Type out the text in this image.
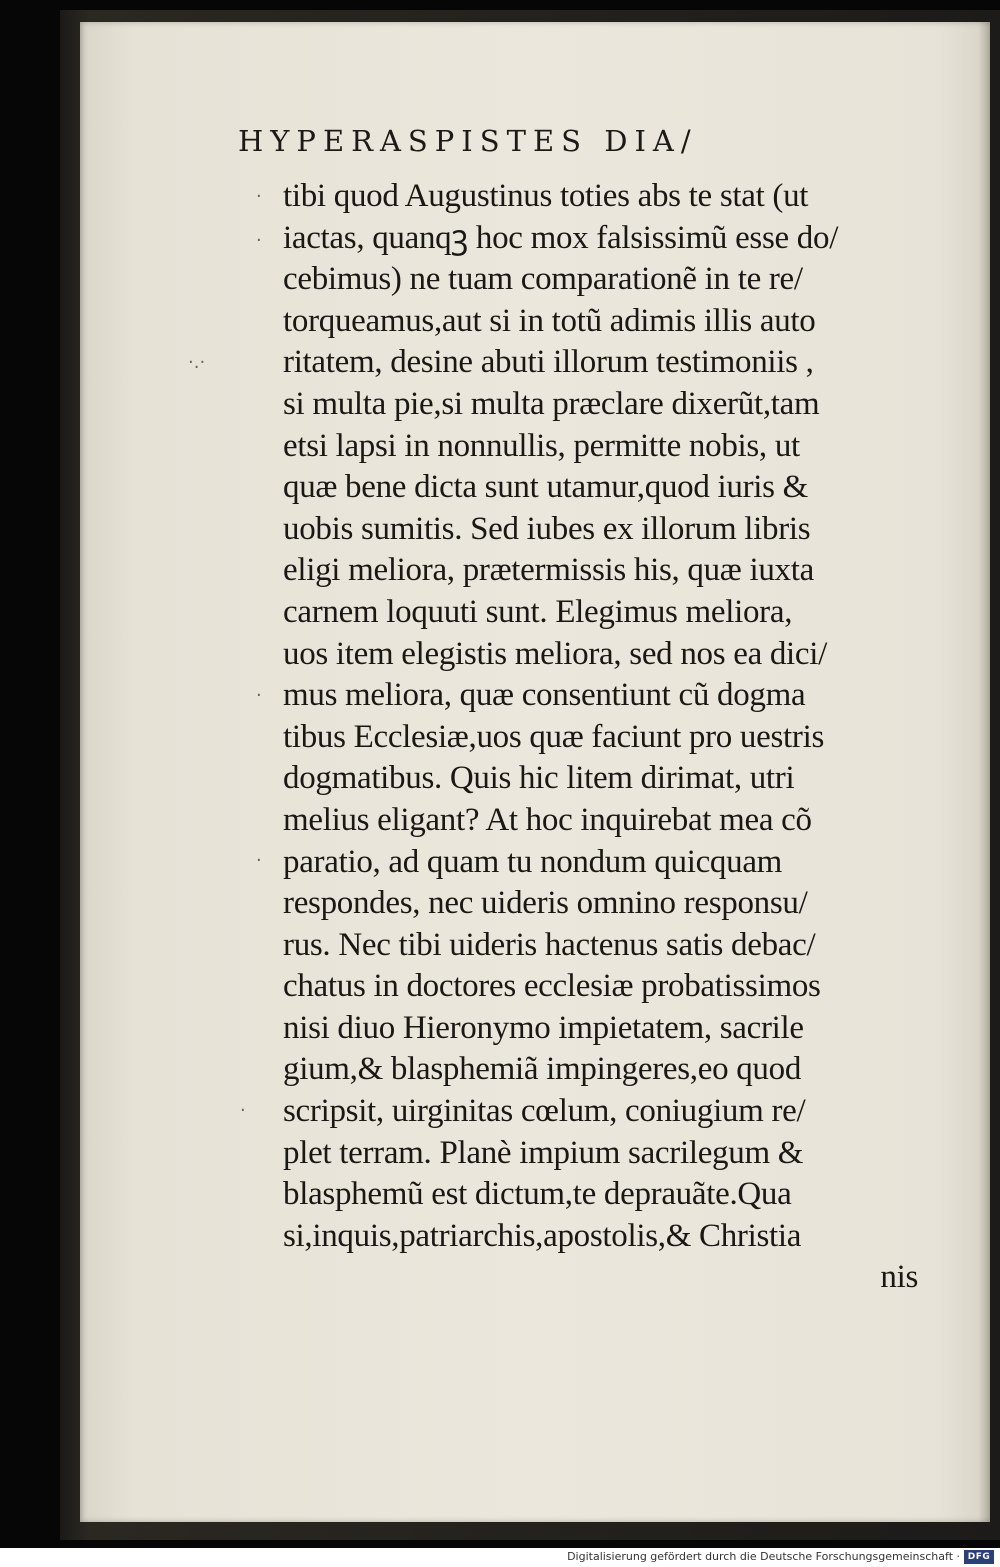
HYPERASPISTES DIA/
·
·
·.·
·
·
·
tibi quod Augustinus toties abs te stat (ut
iactas, quanqꝫ hoc mox falsissimũ esse do/
cebimus) ne tuam comparationẽ in te re/
torqueamus,aut si in totũ adimis illis auto
ritatem, desine abuti illorum testimoniis ,
si multa pie,si multa præclare dixerũt,tam
etsi lapsi in nonnullis, permitte nobis, ut
quæ bene dicta sunt utamur,quod iuris &
uobis sumitis. Sed iubes ex illorum libris
eligi meliora, prætermissis his, quæ iuxta
carnem loquuti sunt. Elegimus meliora,
uos item elegistis meliora, sed nos ea dici/
mus meliora, quæ consentiunt cũ dogma
tibus Ecclesiæ,uos quæ faciunt pro uestris
dogmatibus. Quis hic litem dirimat, utri
melius eligant? At hoc inquirebat mea cõ
paratio, ad quam tu nondum quicquam
respondes, nec uideris omnino responsu/
rus. Nec tibi uideris hactenus satis debac/
chatus in doctores ecclesiæ probatissimos
nisi diuo Hieronymo impietatem, sacrile
gium,& blasphemiã impingeres,eo quod
scripsit, uirginitas cœlum, coniugium re/
plet terram. Planè impium sacrilegum &
blasphemũ est dictum,te deprauãte.Qua
si,inquis,patriarchis,apostolis,& Christia
nis
Digitalisierung gefördert durch die Deutsche Forschungsgemeinschaft · DFG
